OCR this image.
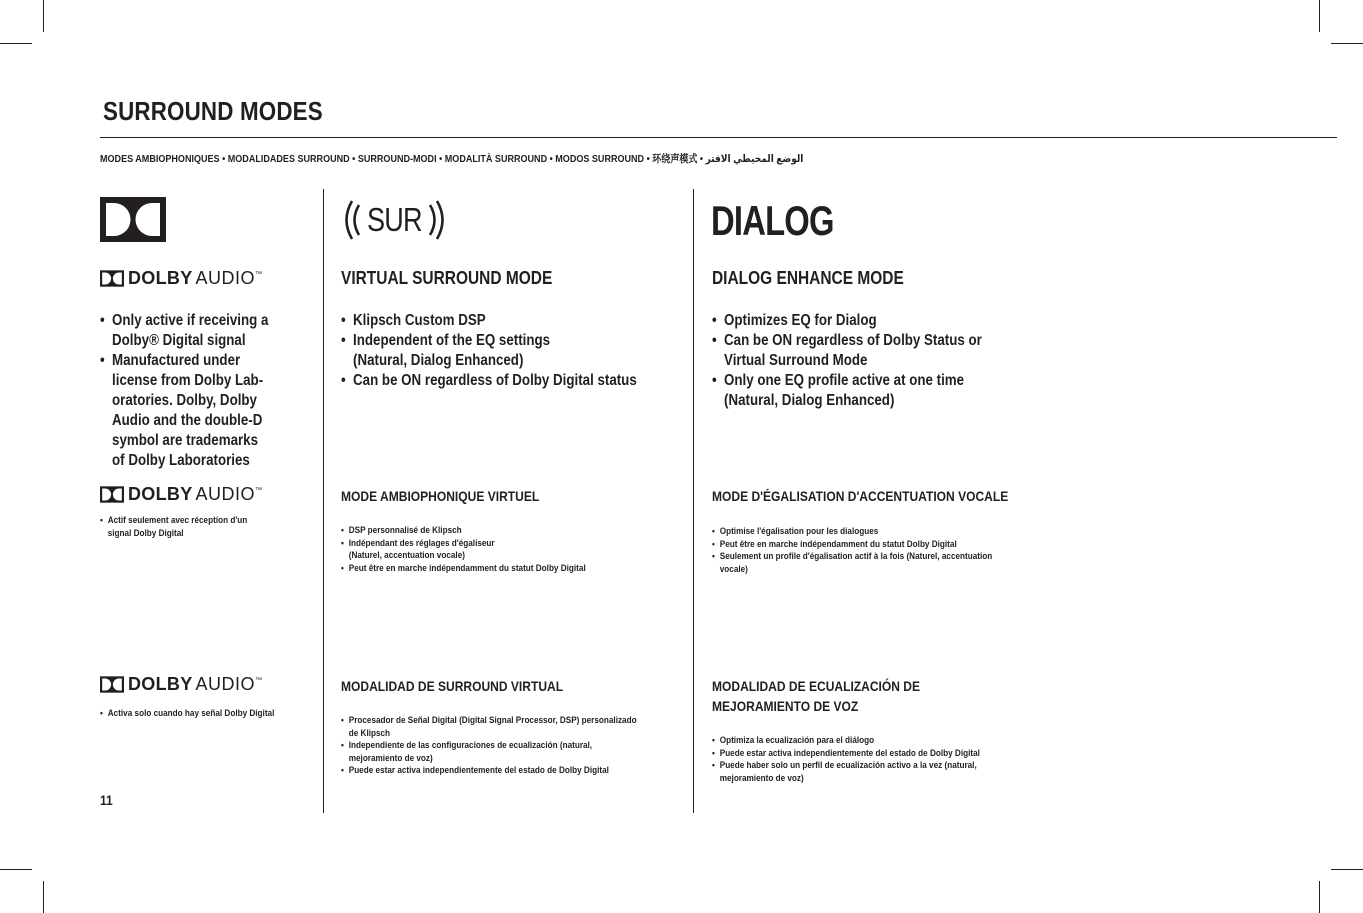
SURROUND MODES
MODES AMBIOPHONIQUES • MODALIDADES SURROUND • SURROUND-MODI • MODALITÀ SURROUND • MODOS SURROUND • 环绕声模式 • الوضع المحيطي الافتر
DOLBY AUDIO ™
• Only active if receiving a
Dolby® Digital signal
• Manufactured under
license from Dolby Lab-
oratories. Dolby, Dolby
Audio and the double-D
symbol are trademarks
of Dolby Laboratories
DOLBY AUDIO ™
• Actif seulement avec réception d'un
signal Dolby Digital
DOLBY AUDIO ™
• Activa solo cuando hay señal Dolby Digital
11
SUR
VIRTUAL SURROUND MODE
• Klipsch Custom DSP
• Independent of the EQ settings
(Natural, Dialog Enhanced)
• Can be ON regardless of Dolby Digital status
MODE AMBIOPHONIQUE VIRTUEL
• DSP personnalisé de Klipsch
• Indépendant des réglages d'égaliseur
(Naturel, accentuation vocale)
• Peut être en marche indépendamment du statut Dolby Digital
MODALIDAD DE SURROUND VIRTUAL
• Procesador de Señal Digital (Digital Signal Processor, DSP) personalizado
de Klipsch
• Independiente de las configuraciones de ecualización (natural,
mejoramiento de voz)
• Puede estar activa independientemente del estado de Dolby Digital
DIALOG
DIALOG ENHANCE MODE
• Optimizes EQ for Dialog
• Can be ON regardless of Dolby Status or
Virtual Surround Mode
• Only one EQ profile active at one time
(Natural, Dialog Enhanced)
MODE D'ÉGALISATION D'ACCENTUATION VOCALE
• Optimise l'égalisation pour les dialogues
• Peut être en marche indépendamment du statut Dolby Digital
• Seulement un profile d'égalisation actif à la fois (Naturel, accentuation
vocale)
MODALIDAD DE ECUALIZACIÓN DE
MEJORAMIENTO DE VOZ
• Optimiza la ecualización para el diálogo
• Puede estar activa independientemente del estado de Dolby Digital
• Puede haber solo un perfil de ecualización activo a la vez (natural,
mejoramiento de voz)
